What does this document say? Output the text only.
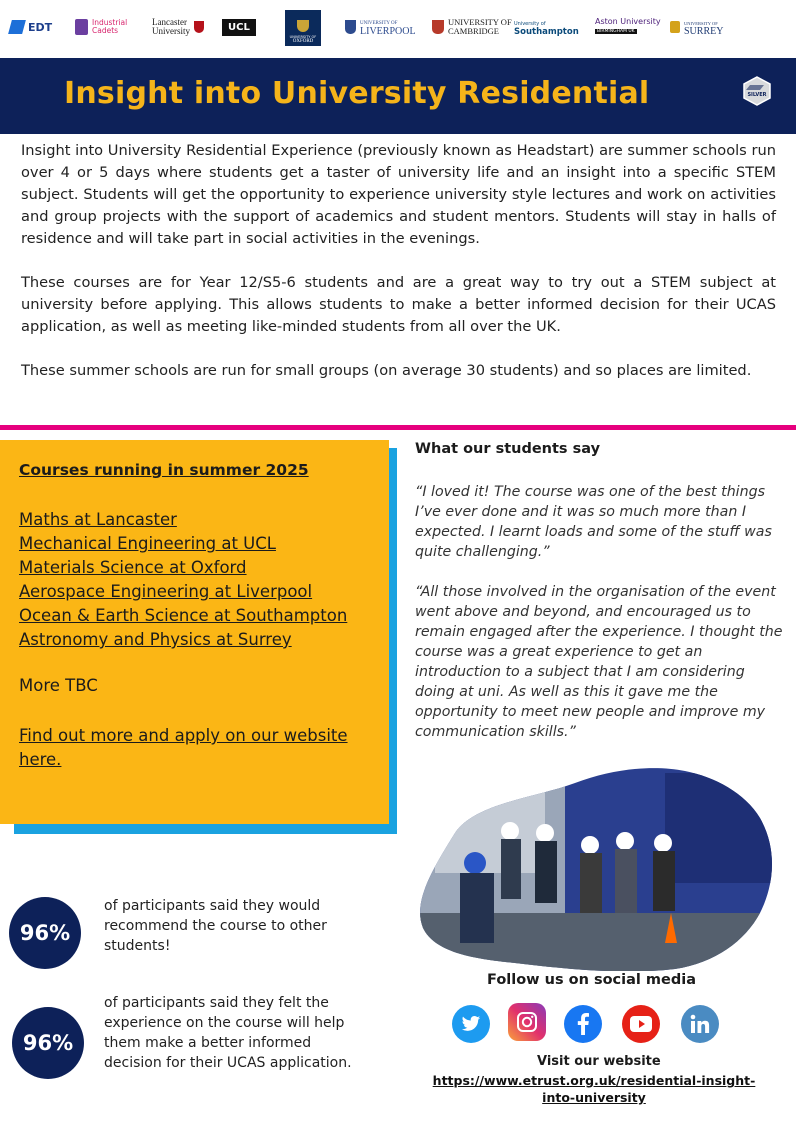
EDT	Industrial
Cadets
Lancaster
University	UCL
UNIVERSITY OF
OXFORD
UNIVERSITY OF
LIVERPOOL
UNIVERSITY OF
CAMBRIDGE
University of
Southampton
Aston University
BIRMINGHAM UK
UNIVERSITY OF
SURREY
Insight into University Residential	SILVER

Insight into University Residential Experience (previously known as Headstart) are summer schools run over 4 or 5 days where students get a taster of university life and an insight into a specific STEM subject. Students will get the opportunity to experience university style lectures and work on activities and group projects with the support of academics and student mentors. Students will stay in halls of residence and will take part in social activities in the evenings.

These courses are for Year 12/S5-6 students and are a great way to try out a STEM subject at university before applying. This allows students to make a better informed decision for their UCAS application, as well as meeting like-minded students from all over the UK.

These summer schools are run for small groups (on average 30 students) and so places are limited.

Courses running in summer 2025
Maths at Lancaster
Mechanical Engineering at UCL
Materials Science at Oxford
Aerospace Engineering at Liverpool
Ocean & Earth Science at Southampton
Astronomy and Physics at Surrey
More TBC
Find out more and apply on our website here.
What our students say
“I loved it! The course was one of the best things I’ve ever done and it was so much more than I expected. I learnt loads and some of the stuff was quite challenging.”
“All those involved in the organisation of the event went above and beyond, and encouraged us to remain engaged after the experience. I thought the course was a great experience to get an introduction to a subject that I am considering doing at uni. As well as this it gave me the opportunity to meet new people and improve my communication skills.”
96%
of participants said they would recommend the course to other students!
96%
of participants said they felt the experience on the course will help them make a better informed decision for their UCAS application.
Follow us on social media
Visit our website
https://www.etrust.org.uk/residential-insight-into-university
